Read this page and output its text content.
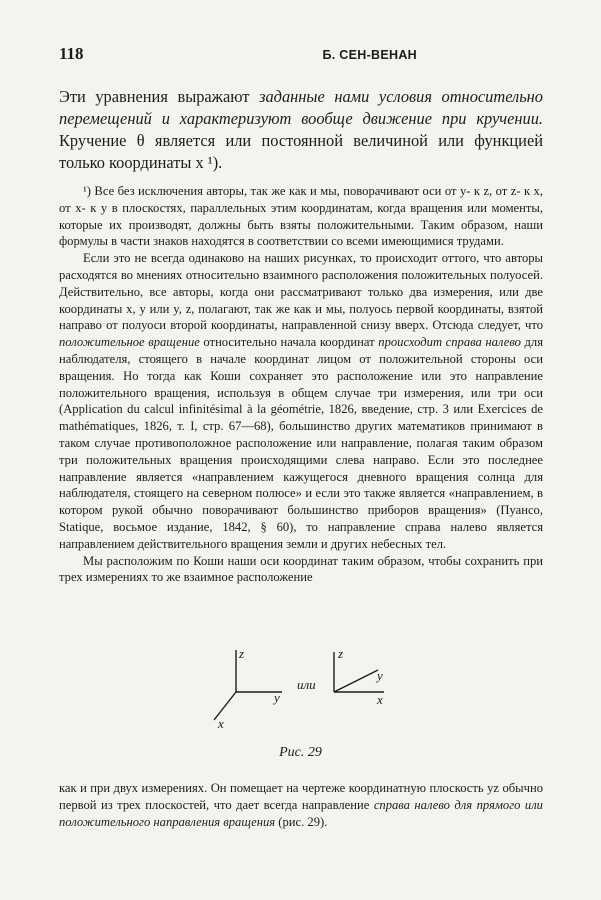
118	Б. СЕН-ВЕНАН

Эти уравнения выражают заданные нами условия относительно перемещений и характеризуют вообще движение при кручении. Кручение θ является или постоянной величиной или функцией только координаты x ¹).

¹) Все без исключения авторы, так же как и мы, поворачивают оси от y- к z, от z- к x, от x- к y в плоскостях, параллельных этим координатам, когда вращения или моменты, которые их производят, должны быть взяты положительными. Таким образом, наши формулы в части знаков находятся в соответствии со всеми имеющимися трудами.

Если это не всегда одинаково на наших рисунках, то происходит оттого, что авторы расходятся во мнениях относительно взаимного расположения положительных полуосей. Действительно, все авторы, когда они рассматривают только два измерения, или две координаты x, y или y, z, полагают, так же как и мы, полуось первой координаты, взятой направо от полуоси второй координаты, направленной снизу вверх. Отсюда следует, что положительное вращение относительно начала координат происходит справа налево для наблюдателя, стоящего в начале координат лицом от положительной стороны оси вращения. Но тогда как Коши сохраняет это расположение или это направление положительного вращения, используя в общем случае три измерения, или три оси (Application du calcul infinitésimal à la géométrie, 1826, введение, стр. 3 или Exercices de mathématiques, 1826, т. I, стр. 67—68), большинство других математиков принимают в таком случае противоположное расположение или направление, полагая таким образом три положительных вращения происходящими слева направо. Если это последнее направление является «направлением кажущегося дневного вращения солнца для наблюдателя, стоящего на северном полюсе» и если это также является «направлением, в котором рукой обычно поворачивают большинство приборов вращения» (Пуансо, Statique, восьмое издание, 1842, § 60), то направление справа налево является направлением действительного вращения земли и других небесных тел.

Мы расположим по Коши наши оси координат таким образом, чтобы сохранить при трех измерениях то же взаимное расположение

z
y
x
или
z
y
x
Рис. 29

как и при двух измерениях. Он помещает на чертеже координатную плоскость yz обычно первой из трех плоскостей, что дает всегда направление справа налево для прямого или положительного направления вращения (рис. 29).
